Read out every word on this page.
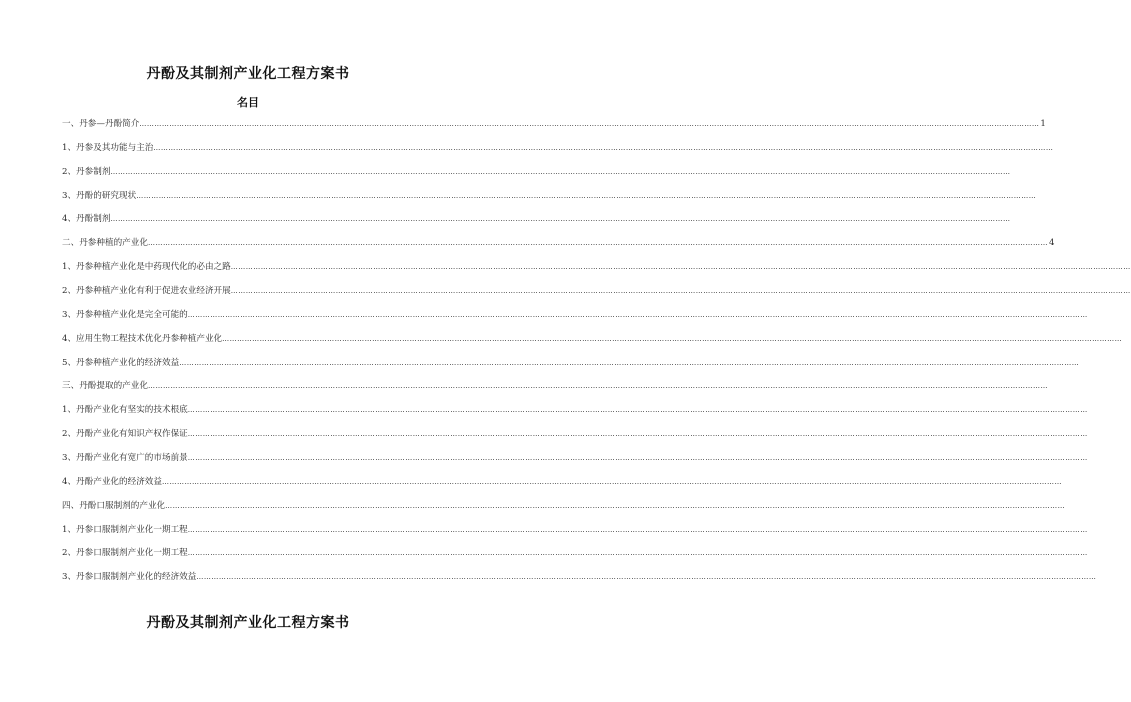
丹酚及其制剂产业化工程方案书
名目
一、丹参—丹酚简介 ……………………………………………………………………………………………………………………………………………………………………………………………………………………………………………………………………………………………………………………………… 1
1、丹参及其功能与主治 ………………………………………………………………………………………………………………………………………………………………………………………………………………………………………………………………………………………………………………………………
2、丹参制剂 ………………………………………………………………………………………………………………………………………………………………………………………………………………………………………………………………………………………………………………………………
3、丹酚的研究现状 ………………………………………………………………………………………………………………………………………………………………………………………………………………………………………………………………………………………………………………………………
4、丹酚制剂 ………………………………………………………………………………………………………………………………………………………………………………………………………………………………………………………………………………………………………………………………
二、丹参种植的产业化 ……………………………………………………………………………………………………………………………………………………………………………………………………………………………………………………………………………………………………………………………… 4
1、丹参种植产业化是中药现代化的必由之路 ………………………………………………………………………………………………………………………………………………………………………………………………………………………………………………………………………………………………………………………………
2、丹参种植产业化有利于促进农业经济开展 ………………………………………………………………………………………………………………………………………………………………………………………………………………………………………………………………………………………………………………………………
3、丹参种植产业化是完全可能的 ………………………………………………………………………………………………………………………………………………………………………………………………………………………………………………………………………………………………………………………………
4、应用生物工程技术优化丹参种植产业化 ………………………………………………………………………………………………………………………………………………………………………………………………………………………………………………………………………………………………………………………………
5、丹参种植产业化的经济效益 ………………………………………………………………………………………………………………………………………………………………………………………………………………………………………………………………………………………………………………………………
三、丹酚提取的产业化 ………………………………………………………………………………………………………………………………………………………………………………………………………………………………………………………………………………………………………………………………
1、丹酚产业化有坚实的技术根底 ………………………………………………………………………………………………………………………………………………………………………………………………………………………………………………………………………………………………………………………………
2、丹酚产业化有知识产权作保证 ………………………………………………………………………………………………………………………………………………………………………………………………………………………………………………………………………………………………………………………………
3、丹酚产业化有宽广的市场前景 ………………………………………………………………………………………………………………………………………………………………………………………………………………………………………………………………………………………………………………………………
4、丹酚产业化的经济效益 ………………………………………………………………………………………………………………………………………………………………………………………………………………………………………………………………………………………………………………………………
四、丹酚口服制剂的产业化 ………………………………………………………………………………………………………………………………………………………………………………………………………………………………………………………………………………………………………………………………
1、丹参口服制剂产业化一期工程 ………………………………………………………………………………………………………………………………………………………………………………………………………………………………………………………………………………………………………………………………
2、丹参口服制剂产业化一期工程 ………………………………………………………………………………………………………………………………………………………………………………………………………………………………………………………………………………………………………………………………
3、丹参口服制剂产业化的经济效益 ………………………………………………………………………………………………………………………………………………………………………………………………………………………………………………………………………………………………………………………………
丹酚及其制剂产业化工程方案书
